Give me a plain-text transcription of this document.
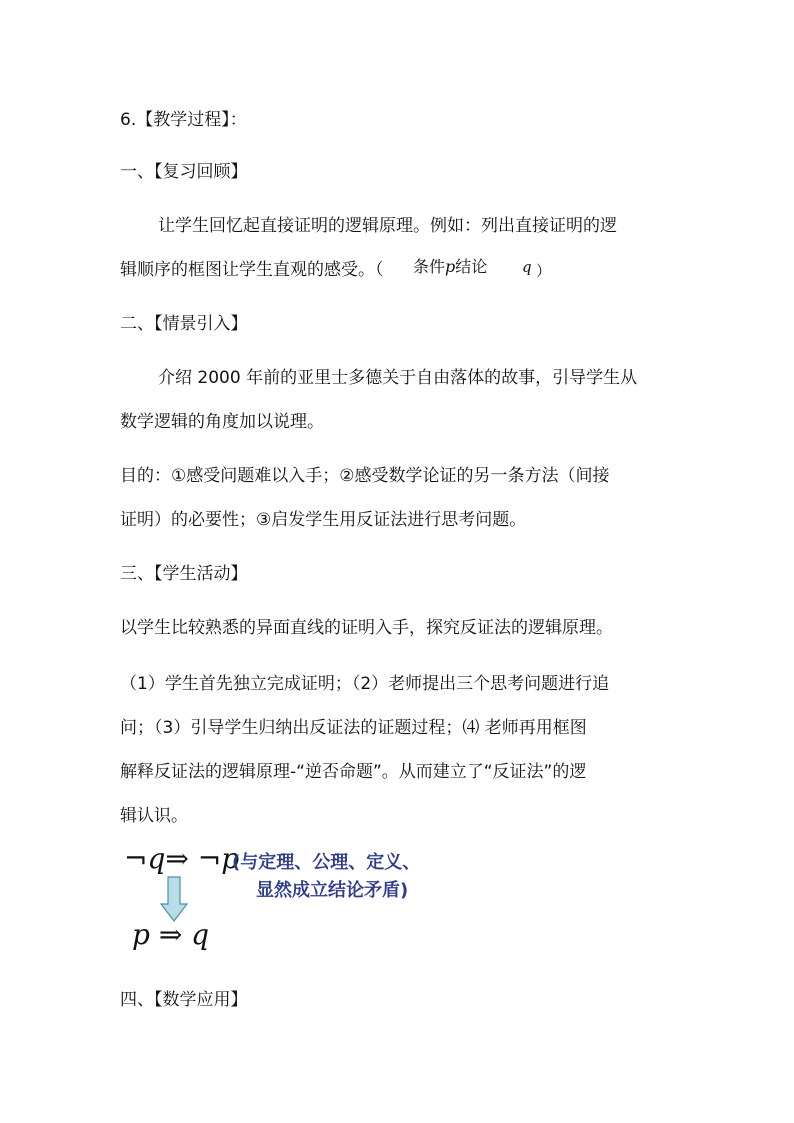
6.【教学过程】：
一、【复习回顾】
让学生回忆起直接证明的逻辑原理。例如：列出直接证明的逻
辑顺序的框图让学生直观的感受。（ 条件p结论 q ）
二、【情景引入】
介绍 2000 年前的亚里士多德关于自由落体的故事，引导学生从
数学逻辑的角度加以说理。
目的：①感受问题难以入手；②感受数学论证的另一条方法（间接
证明）的必要性；③启发学生用反证法进行思考问题。
三、【学生活动】
以学生比较熟悉的异面直线的证明入手，探究反证法的逻辑原理。
（1）学生首先独立完成证明；（2）老师提出三个思考问题进行追
问；（3）引导学生归纳出反证法的证题过程；⑷ 老师再用框图
解释反证法的逻辑原理-“逆否命题”。从而建立了“反证法”的逻
辑认识。
¬q⇒ ¬p
(与定理、公理、定义、
显然成立结论矛盾)
p ⇒ q
四、【数学应用】
